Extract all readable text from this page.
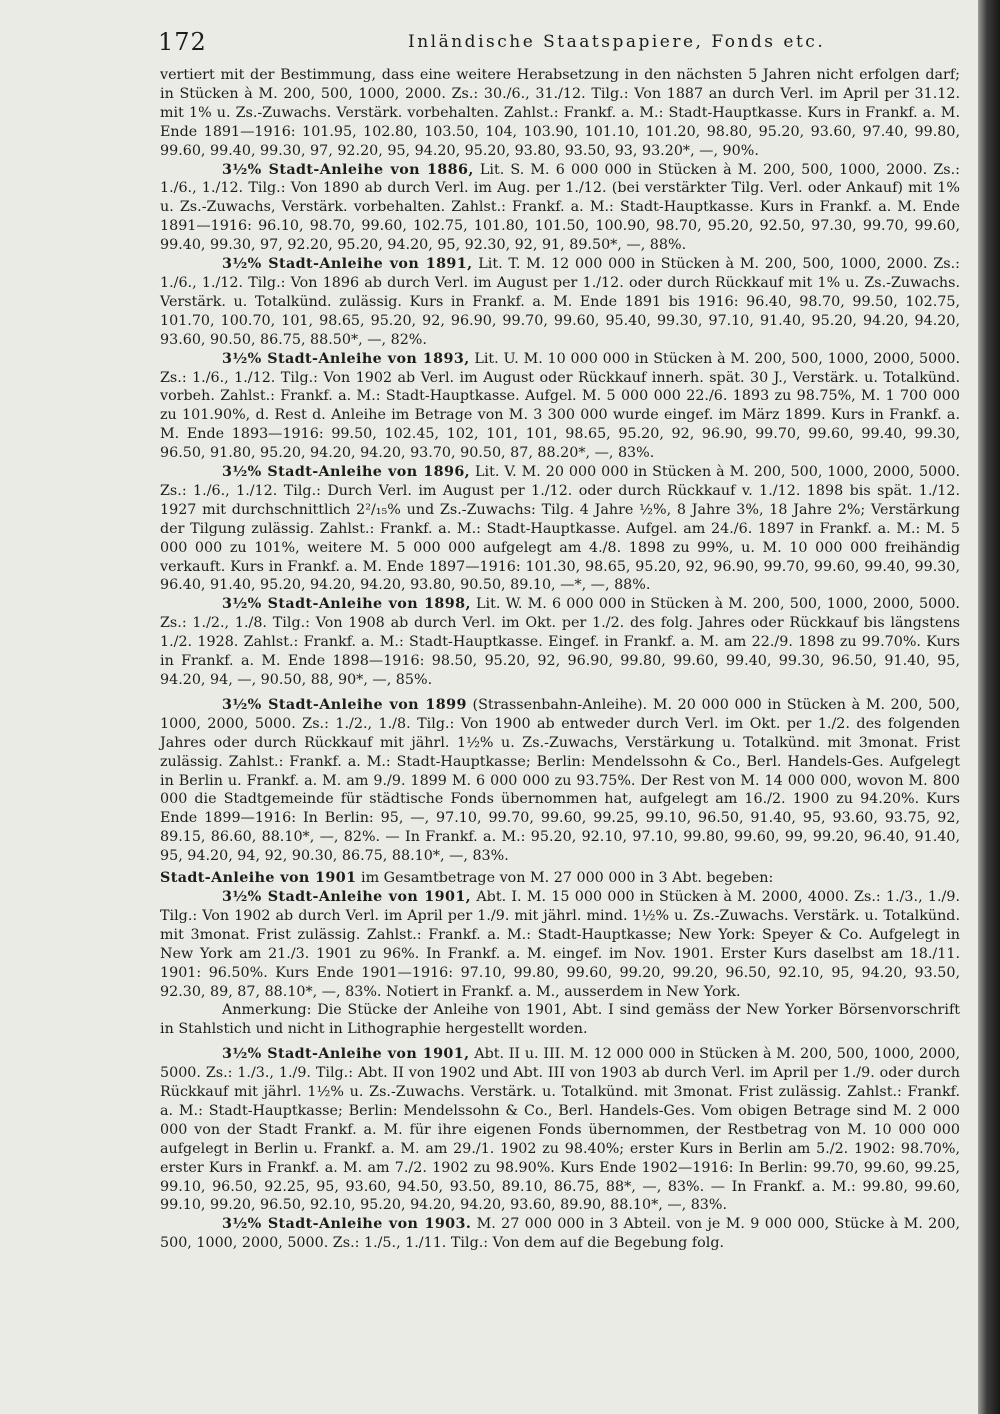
172	Inländische Staatspapiere, Fonds etc.

vertiert mit der Bestimmung, dass eine weitere Herabsetzung in den nächsten 5 Jahren nicht erfolgen darf; in Stücken à M. 200, 500, 1000, 2000. Zs.: 30./6., 31./12. Tilg.: Von 1887 an durch Verl. im April per 31.12. mit 1% u. Zs.-Zuwachs. Verstärk. vorbehalten. Zahlst.: Frankf. a. M.: Stadt-Hauptkasse. Kurs in Frankf. a. M. Ende 1891—1916: 101.95, 102.80, 103.50, 104, 103.90, 101.10, 101.20, 98.80, 95.20, 93.60, 97.40, 99.80, 99.60, 99.40, 99.30, 97, 92.20, 95, 94.20, 95.20, 93.80, 93.50, 93, 93.20*, —, 90%.

3½% Stadt-Anleihe von 1886, Lit. S. M. 6 000 000 in Stücken à M. 200, 500, 1000, 2000. Zs.: 1./6., 1./12. Tilg.: Von 1890 ab durch Verl. im Aug. per 1./12. (bei verstärkter Tilg. Verl. oder Ankauf) mit 1% u. Zs.-Zuwachs, Verstärk. vorbehalten. Zahlst.: Frankf. a. M.: Stadt-Hauptkasse. Kurs in Frankf. a. M. Ende 1891—1916: 96.10, 98.70, 99.60, 102.75, 101.80, 101.50, 100.90, 98.70, 95.20, 92.50, 97.30, 99.70, 99.60, 99.40, 99.30, 97, 92.20, 95.20, 94.20, 95, 92.30, 92, 91, 89.50*, —, 88%.

3½% Stadt-Anleihe von 1891, Lit. T. M. 12 000 000 in Stücken à M. 200, 500, 1000, 2000. Zs.: 1./6., 1./12. Tilg.: Von 1896 ab durch Verl. im August per 1./12. oder durch Rückkauf mit 1% u. Zs.-Zuwachs. Verstärk. u. Totalkünd. zulässig. Kurs in Frankf. a. M. Ende 1891 bis 1916: 96.40, 98.70, 99.50, 102.75, 101.70, 100.70, 101, 98.65, 95.20, 92, 96.90, 99.70, 99.60, 95.40, 99.30, 97.10, 91.40, 95.20, 94.20, 94.20, 93.60, 90.50, 86.75, 88.50*, —, 82%.

3½% Stadt-Anleihe von 1893, Lit. U. M. 10 000 000 in Stücken à M. 200, 500, 1000, 2000, 5000. Zs.: 1./6., 1./12. Tilg.: Von 1902 ab Verl. im August oder Rückkauf innerh. spät. 30 J., Verstärk. u. Totalkünd. vorbeh. Zahlst.: Frankf. a. M.: Stadt-Hauptkasse. Aufgel. M. 5 000 000 22./6. 1893 zu 98.75%, M. 1 700 000 zu 101.90%, d. Rest d. Anleihe im Betrage von M. 3 300 000 wurde eingef. im März 1899. Kurs in Frankf. a. M. Ende 1893—1916: 99.50, 102.45, 102, 101, 101, 98.65, 95.20, 92, 96.90, 99.70, 99.60, 99.40, 99.30, 96.50, 91.80, 95.20, 94.20, 94.20, 93.70, 90.50, 87, 88.20*, —, 83%.

3½% Stadt-Anleihe von 1896, Lit. V. M. 20 000 000 in Stücken à M. 200, 500, 1000, 2000, 5000. Zs.: 1./6., 1./12. Tilg.: Durch Verl. im August per 1./12. oder durch Rückkauf v. 1./12. 1898 bis spät. 1./12. 1927 mit durchschnittlich 2²/₁₅% und Zs.-Zuwachs: Tilg. 4 Jahre ½%, 8 Jahre 3%, 18 Jahre 2%; Verstärkung der Tilgung zulässig. Zahlst.: Frankf. a. M.: Stadt-Hauptkasse. Aufgel. am 24./6. 1897 in Frankf. a. M.: M. 5 000 000 zu 101%, weitere M. 5 000 000 aufgelegt am 4./8. 1898 zu 99%, u. M. 10 000 000 freihändig verkauft. Kurs in Frankf. a. M. Ende 1897—1916: 101.30, 98.65, 95.20, 92, 96.90, 99.70, 99.60, 99.40, 99.30, 96.40, 91.40, 95.20, 94.20, 94.20, 93.80, 90.50, 89.10, —*, —, 88%.

3½% Stadt-Anleihe von 1898, Lit. W. M. 6 000 000 in Stücken à M. 200, 500, 1000, 2000, 5000. Zs.: 1./2., 1./8. Tilg.: Von 1908 ab durch Verl. im Okt. per 1./2. des folg. Jahres oder Rückkauf bis längstens 1./2. 1928. Zahlst.: Frankf. a. M.: Stadt-Hauptkasse. Eingef. in Frankf. a. M. am 22./9. 1898 zu 99.70%. Kurs in Frankf. a. M. Ende 1898—1916: 98.50, 95.20, 92, 96.90, 99.80, 99.60, 99.40, 99.30, 96.50, 91.40, 95, 94.20, 94, —, 90.50, 88, 90*, —, 85%.

3½% Stadt-Anleihe von 1899 (Strassenbahn-Anleihe). M. 20 000 000 in Stücken à M. 200, 500, 1000, 2000, 5000. Zs.: 1./2., 1./8. Tilg.: Von 1900 ab entweder durch Verl. im Okt. per 1./2. des folgenden Jahres oder durch Rückkauf mit jährl. 1½% u. Zs.-Zuwachs, Verstärkung u. Totalkünd. mit 3monat. Frist zulässig. Zahlst.: Frankf. a. M.: Stadt-Hauptkasse; Berlin: Mendelssohn & Co., Berl. Handels-Ges. Aufgelegt in Berlin u. Frankf. a. M. am 9./9. 1899 M. 6 000 000 zu 93.75%. Der Rest von M. 14 000 000, wovon M. 800 000 die Stadtgemeinde für städtische Fonds übernommen hat, aufgelegt am 16./2. 1900 zu 94.20%. Kurs Ende 1899—1916: In Berlin: 95, —, 97.10, 99.70, 99.60, 99.25, 99.10, 96.50, 91.40, 95, 93.60, 93.75, 92, 89.15, 86.60, 88.10*, —, 82%. — In Frankf. a. M.: 95.20, 92.10, 97.10, 99.80, 99.60, 99, 99.20, 96.40, 91.40, 95, 94.20, 94, 92, 90.30, 86.75, 88.10*, —, 83%.

Stadt-Anleihe von 1901 im Gesamtbetrage von M. 27 000 000 in 3 Abt. begeben:

3½% Stadt-Anleihe von 1901, Abt. I. M. 15 000 000 in Stücken à M. 2000, 4000. Zs.: 1./3., 1./9. Tilg.: Von 1902 ab durch Verl. im April per 1./9. mit jährl. mind. 1½% u. Zs.-Zuwachs. Verstärk. u. Totalkünd. mit 3monat. Frist zulässig. Zahlst.: Frankf. a. M.: Stadt-Hauptkasse; New York: Speyer & Co. Aufgelegt in New York am 21./3. 1901 zu 96%. In Frankf. a. M. eingef. im Nov. 1901. Erster Kurs daselbst am 18./11. 1901: 96.50%. Kurs Ende 1901—1916: 97.10, 99.80, 99.60, 99.20, 99.20, 96.50, 92.10, 95, 94.20, 93.50, 92.30, 89, 87, 88.10*, —, 83%. Notiert in Frankf. a. M., ausserdem in New York.

Anmerkung: Die Stücke der Anleihe von 1901, Abt. I sind gemäss der New Yorker Börsenvorschrift in Stahlstich und nicht in Lithographie hergestellt worden.

3½% Stadt-Anleihe von 1901, Abt. II u. III. M. 12 000 000 in Stücken à M. 200, 500, 1000, 2000, 5000. Zs.: 1./3., 1./9. Tilg.: Abt. II von 1902 und Abt. III von 1903 ab durch Verl. im April per 1./9. oder durch Rückkauf mit jährl. 1½% u. Zs.-Zuwachs. Verstärk. u. Totalkünd. mit 3monat. Frist zulässig. Zahlst.: Frankf. a. M.: Stadt-Hauptkasse; Berlin: Mendelssohn & Co., Berl. Handels-Ges. Vom obigen Betrage sind M. 2 000 000 von der Stadt Frankf. a. M. für ihre eigenen Fonds übernommen, der Restbetrag von M. 10 000 000 aufgelegt in Berlin u. Frankf. a. M. am 29./1. 1902 zu 98.40%; erster Kurs in Berlin am 5./2. 1902: 98.70%, erster Kurs in Frankf. a. M. am 7./2. 1902 zu 98.90%. Kurs Ende 1902—1916: In Berlin: 99.70, 99.60, 99.25, 99.10, 96.50, 92.25, 95, 93.60, 94.50, 93.50, 89.10, 86.75, 88*, —, 83%. — In Frankf. a. M.: 99.80, 99.60, 99.10, 99.20, 96.50, 92.10, 95.20, 94.20, 94.20, 93.60, 89.90, 88.10*, —, 83%.

3½% Stadt-Anleihe von 1903. M. 27 000 000 in 3 Abteil. von je M. 9 000 000, Stücke à M. 200, 500, 1000, 2000, 5000. Zs.: 1./5., 1./11. Tilg.: Von dem auf die Begebung folg.
